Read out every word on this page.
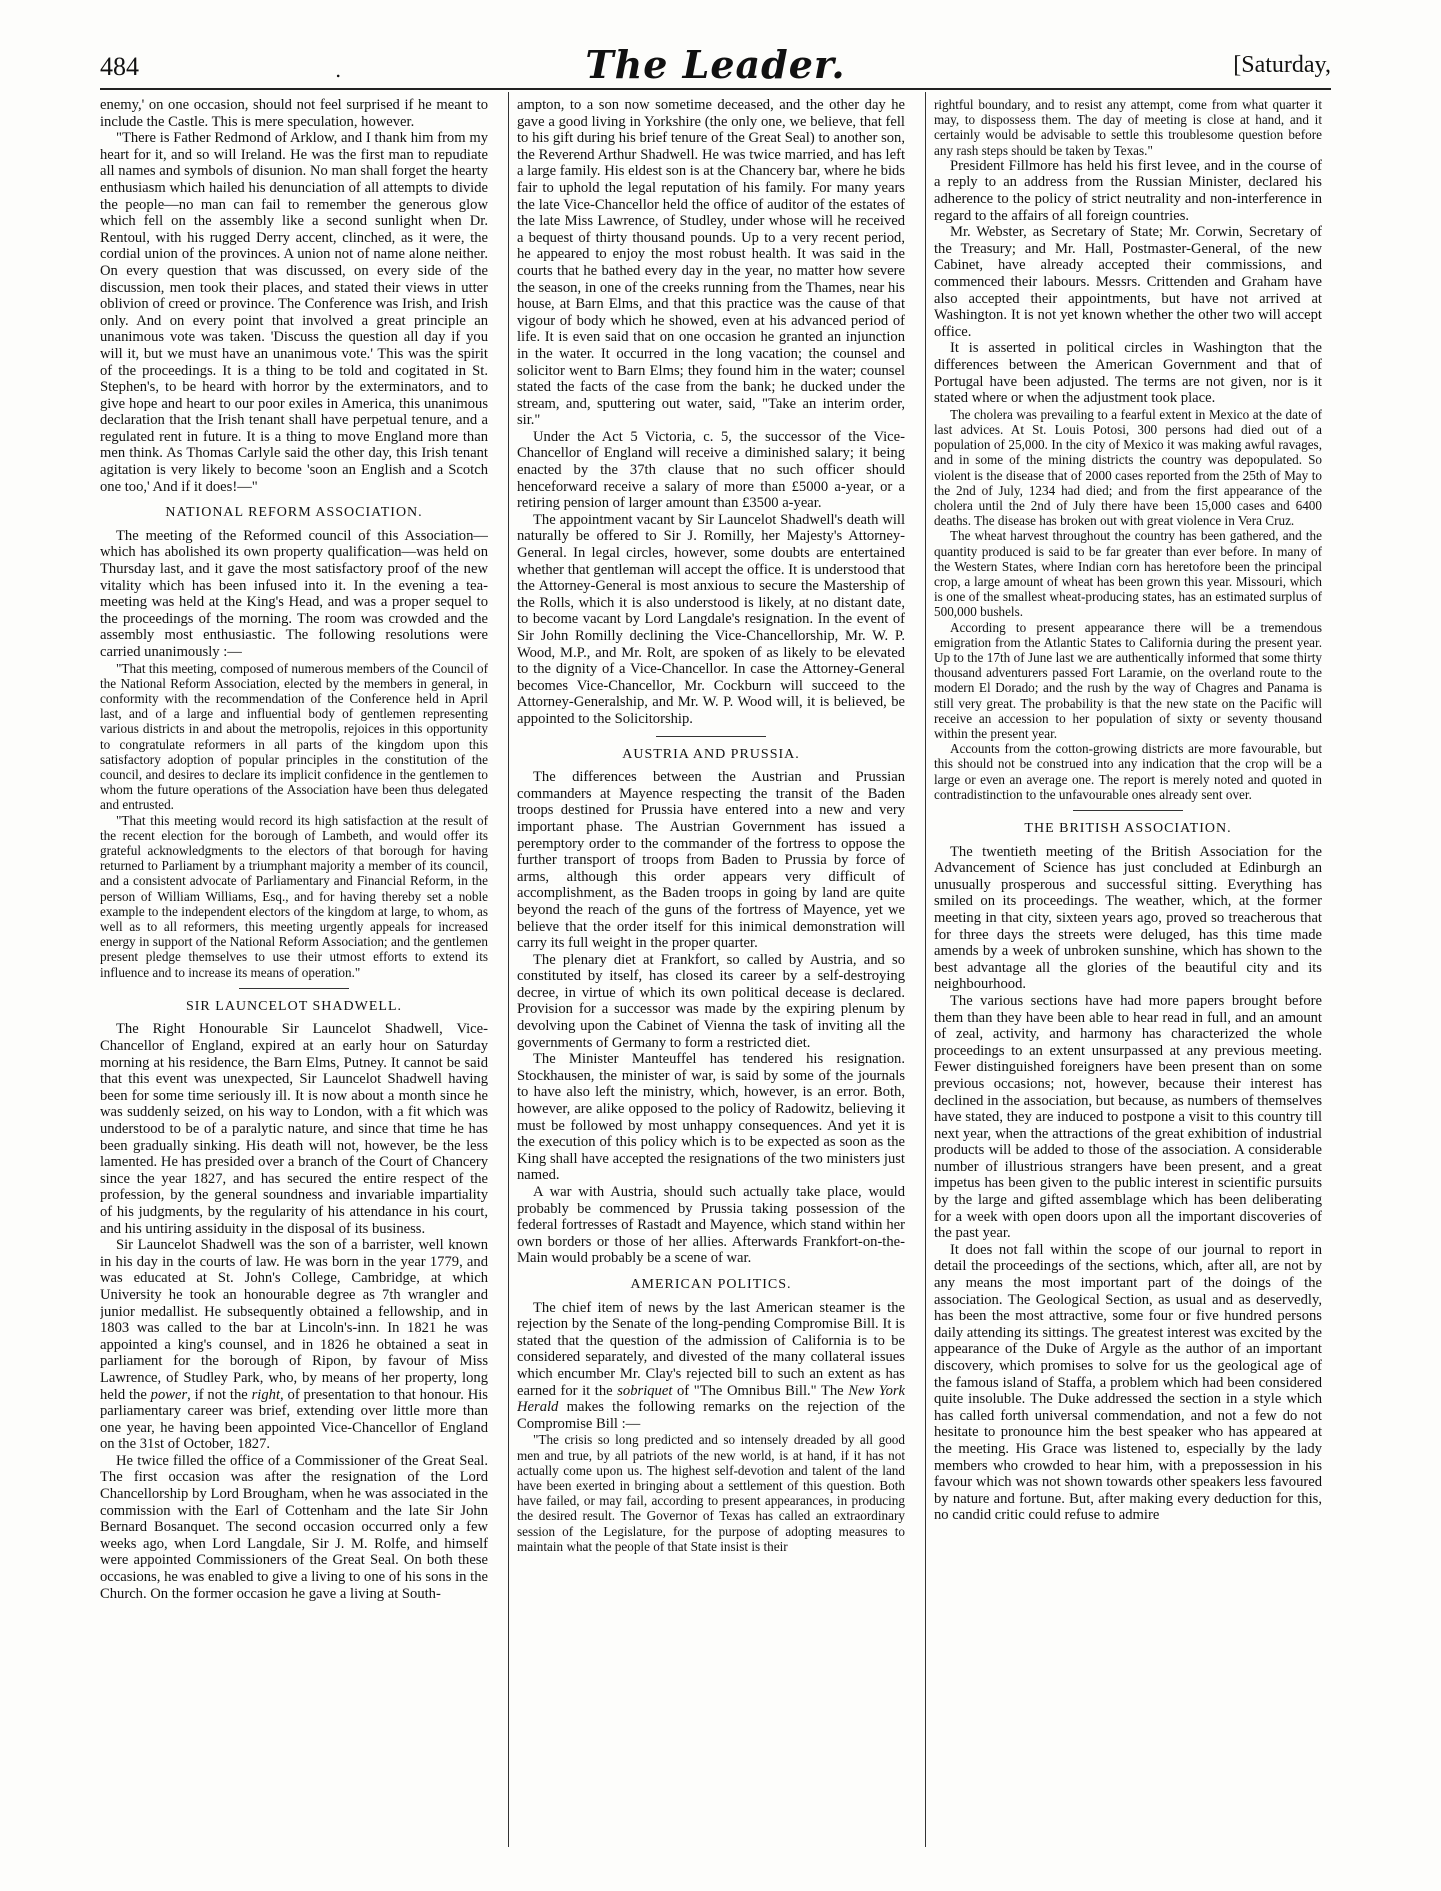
484	.	The Leader.	[Saturday,

enemy,' on one occasion, should not feel surprised if he meant to include the Castle. This is mere speculation, however.

"There is Father Redmond of Arklow, and I thank him from my heart for it, and so will Ireland. He was the first man to repudiate all names and symbols of disunion. No man shall forget the hearty enthusiasm which hailed his denunciation of all attempts to divide the people—no man can fail to remember the generous glow which fell on the assembly like a second sunlight when Dr. Rentoul, with his rugged Derry accent, clinched, as it were, the cordial union of the provinces. A union not of name alone neither. On every question that was discussed, on every side of the discussion, men took their places, and stated their views in utter oblivion of creed or province. The Conference was Irish, and Irish only. And on every point that involved a great principle an unanimous vote was taken. 'Discuss the question all day if you will it, but we must have an unanimous vote.' This was the spirit of the proceedings. It is a thing to be told and cogitated in St. Stephen's, to be heard with horror by the exterminators, and to give hope and heart to our poor exiles in America, this unanimous declaration that the Irish tenant shall have perpetual tenure, and a regulated rent in future. It is a thing to move England more than men think. As Thomas Carlyle said the other day, this Irish tenant agitation is very likely to become 'soon an English and a Scotch one too,' And if it does!—"

NATIONAL REFORM ASSOCIATION.

The meeting of the Reformed council of this Association—which has abolished its own property qualification—was held on Thursday last, and it gave the most satisfactory proof of the new vitality which has been infused into it. In the evening a tea-meeting was held at the King's Head, and was a proper sequel to the proceedings of the morning. The room was crowded and the assembly most enthusiastic. The following resolutions were carried unanimously :—

"That this meeting, composed of numerous members of the Council of the National Reform Association, elected by the members in general, in conformity with the recommendation of the Conference held in April last, and of a large and influential body of gentlemen representing various districts in and about the metropolis, rejoices in this opportunity to congratulate reformers in all parts of the kingdom upon this satisfactory adoption of popular principles in the constitution of the council, and desires to declare its implicit confidence in the gentlemen to whom the future operations of the Association have been thus delegated and entrusted.

"That this meeting would record its high satisfaction at the result of the recent election for the borough of Lambeth, and would offer its grateful acknowledgments to the electors of that borough for having returned to Parliament by a triumphant majority a member of its council, and a consistent advocate of Parliamentary and Financial Reform, in the person of William Williams, Esq., and for having thereby set a noble example to the independent electors of the kingdom at large, to whom, as well as to all reformers, this meeting urgently appeals for increased energy in support of the National Reform Association; and the gentlemen present pledge themselves to use their utmost efforts to extend its influence and to increase its means of operation."

SIR LAUNCELOT SHADWELL.

The Right Honourable Sir Launcelot Shadwell, Vice-Chancellor of England, expired at an early hour on Saturday morning at his residence, the Barn Elms, Putney. It cannot be said that this event was unexpected, Sir Launcelot Shadwell having been for some time seriously ill. It is now about a month since he was suddenly seized, on his way to London, with a fit which was understood to be of a paralytic nature, and since that time he has been gradually sinking. His death will not, however, be the less lamented. He has presided over a branch of the Court of Chancery since the year 1827, and has secured the entire respect of the profession, by the general soundness and invariable impartiality of his judgments, by the regularity of his attendance in his court, and his untiring assiduity in the disposal of its business.

Sir Launcelot Shadwell was the son of a barrister, well known in his day in the courts of law. He was born in the year 1779, and was educated at St. John's College, Cambridge, at which University he took an honourable degree as 7th wrangler and junior medallist. He subsequently obtained a fellowship, and in 1803 was called to the bar at Lincoln's-inn. In 1821 he was appointed a king's counsel, and in 1826 he obtained a seat in parliament for the borough of Ripon, by favour of Miss Lawrence, of Studley Park, who, by means of her property, long held the power, if not the right, of presentation to that honour. His parliamentary career was brief, extending over little more than one year, he having been appointed Vice-Chancellor of England on the 31st of October, 1827.

He twice filled the office of a Commissioner of the Great Seal. The first occasion was after the resignation of the Lord Chancellorship by Lord Brougham, when he was associated in the commission with the Earl of Cottenham and the late Sir John Bernard Bosanquet. The second occasion occurred only a few weeks ago, when Lord Langdale, Sir J. M. Rolfe, and himself were appointed Commissioners of the Great Seal. On both these occasions, he was enabled to give a living to one of his sons in the Church. On the former occasion he gave a living at South-

ampton, to a son now sometime deceased, and the other day he gave a good living in Yorkshire (the only one, we believe, that fell to his gift during his brief tenure of the Great Seal) to another son, the Reverend Arthur Shadwell. He was twice married, and has left a large family. His eldest son is at the Chancery bar, where he bids fair to uphold the legal reputation of his family. For many years the late Vice-Chancellor held the office of auditor of the estates of the late Miss Lawrence, of Studley, under whose will he received a bequest of thirty thousand pounds. Up to a very recent period, he appeared to enjoy the most robust health. It was said in the courts that he bathed every day in the year, no matter how severe the season, in one of the creeks running from the Thames, near his house, at Barn Elms, and that this practice was the cause of that vigour of body which he showed, even at his advanced period of life. It is even said that on one occasion he granted an injunction in the water. It occurred in the long vacation; the counsel and solicitor went to Barn Elms; they found him in the water; counsel stated the facts of the case from the bank; he ducked under the stream, and, sputtering out water, said, "Take an interim order, sir."

Under the Act 5 Victoria, c. 5, the successor of the Vice-Chancellor of England will receive a diminished salary; it being enacted by the 37th clause that no such officer should henceforward receive a salary of more than £5000 a-year, or a retiring pension of larger amount than £3500 a-year.

The appointment vacant by Sir Launcelot Shadwell's death will naturally be offered to Sir J. Romilly, her Majesty's Attorney-General. In legal circles, however, some doubts are entertained whether that gentleman will accept the office. It is understood that the Attorney-General is most anxious to secure the Mastership of the Rolls, which it is also understood is likely, at no distant date, to become vacant by Lord Langdale's resignation. In the event of Sir John Romilly declining the Vice-Chancellorship, Mr. W. P. Wood, M.P., and Mr. Rolt, are spoken of as likely to be elevated to the dignity of a Vice-Chancellor. In case the Attorney-General becomes Vice-Chancellor, Mr. Cockburn will succeed to the Attorney-Generalship, and Mr. W. P. Wood will, it is believed, be appointed to the Solicitorship.

AUSTRIA AND PRUSSIA.

The differences between the Austrian and Prussian commanders at Mayence respecting the transit of the Baden troops destined for Prussia have entered into a new and very important phase. The Austrian Government has issued a peremptory order to the commander of the fortress to oppose the further transport of troops from Baden to Prussia by force of arms, although this order appears very difficult of accomplishment, as the Baden troops in going by land are quite beyond the reach of the guns of the fortress of Mayence, yet we believe that the order itself for this inimical demonstration will carry its full weight in the proper quarter.

The plenary diet at Frankfort, so called by Austria, and so constituted by itself, has closed its career by a self-destroying decree, in virtue of which its own political decease is declared. Provision for a successor was made by the expiring plenum by devolving upon the Cabinet of Vienna the task of inviting all the governments of Germany to form a restricted diet.

The Minister Manteuffel has tendered his resignation. Stockhausen, the minister of war, is said by some of the journals to have also left the ministry, which, however, is an error. Both, however, are alike opposed to the policy of Radowitz, believing it must be followed by most unhappy consequences. And yet it is the execution of this policy which is to be expected as soon as the King shall have accepted the resignations of the two ministers just named.

A war with Austria, should such actually take place, would probably be commenced by Prussia taking possession of the federal fortresses of Rastadt and Mayence, which stand within her own borders or those of her allies. Afterwards Frankfort-on-the-Main would probably be a scene of war.

AMERICAN POLITICS.

The chief item of news by the last American steamer is the rejection by the Senate of the long-pending Compromise Bill. It is stated that the question of the admission of California is to be considered separately, and divested of the many collateral issues which encumber Mr. Clay's rejected bill to such an extent as has earned for it the sobriquet of "The Omnibus Bill." The New York Herald makes the following remarks on the rejection of the Compromise Bill :—

"The crisis so long predicted and so intensely dreaded by all good men and true, by all patriots of the new world, is at hand, if it has not actually come upon us. The highest self-devotion and talent of the land have been exerted in bringing about a settlement of this question. Both have failed, or may fail, according to present appearances, in producing the desired result. The Governor of Texas has called an extraordinary session of the Legislature, for the purpose of adopting measures to maintain what the people of that State insist is their

rightful boundary, and to resist any attempt, come from what quarter it may, to dispossess them. The day of meeting is close at hand, and it certainly would be advisable to settle this troublesome question before any rash steps should be taken by Texas."

President Fillmore has held his first levee, and in the course of a reply to an address from the Russian Minister, declared his adherence to the policy of strict neutrality and non-interference in regard to the affairs of all foreign countries.

Mr. Webster, as Secretary of State; Mr. Corwin, Secretary of the Treasury; and Mr. Hall, Postmaster-General, of the new Cabinet, have already accepted their commissions, and commenced their labours. Messrs. Crittenden and Graham have also accepted their appointments, but have not arrived at Washington. It is not yet known whether the other two will accept office.

It is asserted in political circles in Washington that the differences between the American Government and that of Portugal have been adjusted. The terms are not given, nor is it stated where or when the adjustment took place.

The cholera was prevailing to a fearful extent in Mexico at the date of last advices. At St. Louis Potosi, 300 persons had died out of a population of 25,000. In the city of Mexico it was making awful ravages, and in some of the mining districts the country was depopulated. So violent is the disease that of 2000 cases reported from the 25th of May to the 2nd of July, 1234 had died; and from the first appearance of the cholera until the 2nd of July there have been 15,000 cases and 6400 deaths. The disease has broken out with great violence in Vera Cruz.

The wheat harvest throughout the country has been gathered, and the quantity produced is said to be far greater than ever before. In many of the Western States, where Indian corn has heretofore been the principal crop, a large amount of wheat has been grown this year. Missouri, which is one of the smallest wheat-producing states, has an estimated surplus of 500,000 bushels.

According to present appearance there will be a tremendous emigration from the Atlantic States to California during the present year. Up to the 17th of June last we are authentically informed that some thirty thousand adventurers passed Fort Laramie, on the overland route to the modern El Dorado; and the rush by the way of Chagres and Panama is still very great. The probability is that the new state on the Pacific will receive an accession to her population of sixty or seventy thousand within the present year.

Accounts from the cotton-growing districts are more favourable, but this should not be construed into any indication that the crop will be a large or even an average one. The report is merely noted and quoted in contradistinction to the unfavourable ones already sent over.

THE BRITISH ASSOCIATION.

The twentieth meeting of the British Association for the Advancement of Science has just concluded at Edinburgh an unusually prosperous and successful sitting. Everything has smiled on its proceedings. The weather, which, at the former meeting in that city, sixteen years ago, proved so treacherous that for three days the streets were deluged, has this time made amends by a week of unbroken sunshine, which has shown to the best advantage all the glories of the beautiful city and its neighbourhood.

The various sections have had more papers brought before them than they have been able to hear read in full, and an amount of zeal, activity, and harmony has characterized the whole proceedings to an extent unsurpassed at any previous meeting. Fewer distinguished foreigners have been present than on some previous occasions; not, however, because their interest has declined in the association, but because, as numbers of themselves have stated, they are induced to postpone a visit to this country till next year, when the attractions of the great exhibition of industrial products will be added to those of the association. A considerable number of illustrious strangers have been present, and a great impetus has been given to the public interest in scientific pursuits by the large and gifted assemblage which has been deliberating for a week with open doors upon all the important discoveries of the past year.

It does not fall within the scope of our journal to report in detail the proceedings of the sections, which, after all, are not by any means the most important part of the doings of the association. The Geological Section, as usual and as deservedly, has been the most attractive, some four or five hundred persons daily attending its sittings. The greatest interest was excited by the appearance of the Duke of Argyle as the author of an important discovery, which promises to solve for us the geological age of the famous island of Staffa, a problem which had been considered quite insoluble. The Duke addressed the section in a style which has called forth universal commendation, and not a few do not hesitate to pronounce him the best speaker who has appeared at the meeting. His Grace was listened to, especially by the lady members who crowded to hear him, with a prepossession in his favour which was not shown towards other speakers less favoured by nature and fortune. But, after making every deduction for this, no candid critic could refuse to admire
